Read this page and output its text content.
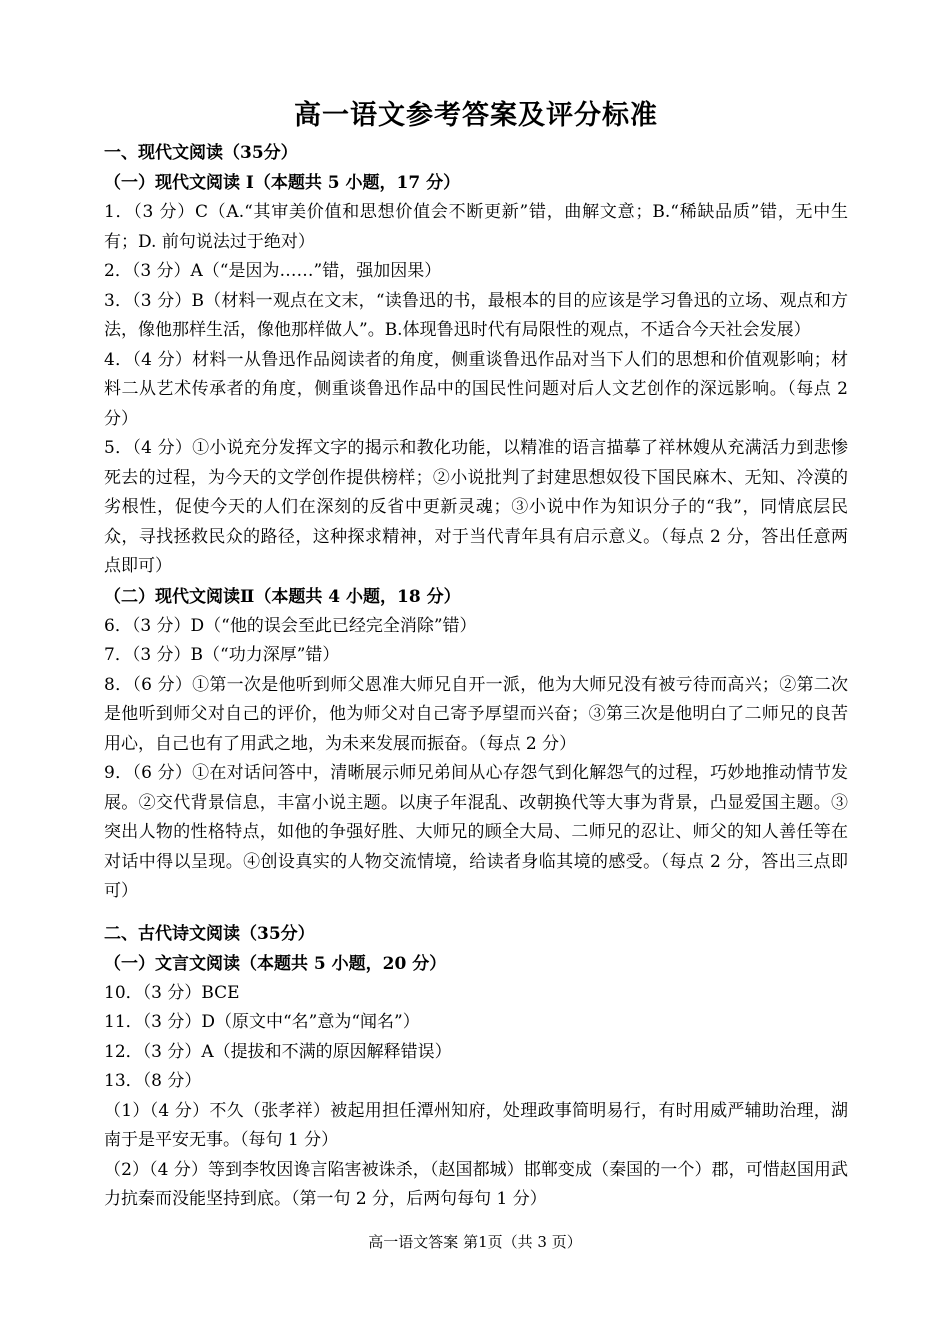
高一语文参考答案及评分标准

一、现代文阅读（35分）

（一）现代文阅读 I（本题共 5 小题，17 分）

1．（3 分）C（A.“其审美价值和思想价值会不断更新”错，曲解文意；B.“稀缺品质”错，无中生有；D. 前句说法过于绝对）

2．（3 分）A（“是因为……”错，强加因果）

3．（3 分）B（材料一观点在文末，“读鲁迅的书，最根本的目的应该是学习鲁迅的立场、观点和方法，像他那样生活，像他那样做人”。B.体现鲁迅时代有局限性的观点，不适合今天社会发展）

4．（4 分）材料一从鲁迅作品阅读者的角度，侧重谈鲁迅作品对当下人们的思想和价值观影响；材料二从艺术传承者的角度，侧重谈鲁迅作品中的国民性问题对后人文艺创作的深远影响。（每点 2 分）

5．（4 分）①小说充分发挥文字的揭示和教化功能，以精准的语言描摹了祥林嫂从充满活力到悲惨死去的过程，为今天的文学创作提供榜样；②小说批判了封建思想奴役下国民麻木、无知、冷漠的劣根性，促使今天的人们在深刻的反省中更新灵魂；③小说中作为知识分子的“我”，同情底层民众，寻找拯救民众的路径，这种探求精神，对于当代青年具有启示意义。（每点 2 分，答出任意两点即可）

（二）现代文阅读Ⅱ（本题共 4 小题，18 分）

6．（3 分）D（“他的误会至此已经完全消除”错）

7．（3 分）B（“功力深厚”错）

8．（6 分）①第一次是他听到师父恩准大师兄自开一派，他为大师兄没有被亏待而高兴；②第二次是他听到师父对自己的评价，他为师父对自己寄予厚望而兴奋；③第三次是他明白了二师兄的良苦用心，自己也有了用武之地，为未来发展而振奋。（每点 2 分）

9．（6 分）①在对话问答中，清晰展示师兄弟间从心存怨气到化解怨气的过程，巧妙地推动情节发展。②交代背景信息，丰富小说主题。以庚子年混乱、改朝换代等大事为背景，凸显爱国主题。③突出人物的性格特点，如他的争强好胜、大师兄的顾全大局、二师兄的忍让、师父的知人善任等在对话中得以呈现。④创设真实的人物交流情境，给读者身临其境的感受。（每点 2 分，答出三点即可）

二、古代诗文阅读（35分）

（一）文言文阅读（本题共 5 小题，20 分）

10．（3 分）BCE

11．（3 分）D（原文中“名”意为“闻名”）

12．（3 分）A（提拔和不满的原因解释错误）

13．（8 分）

（1）（4 分）不久（张孝祥）被起用担任潭州知府，处理政事简明易行，有时用威严辅助治理，湖南于是平安无事。（每句 1 分）

（2）（4 分）等到李牧因谗言陷害被诛杀，（赵国都城）邯郸变成（秦国的一个）郡，可惜赵国用武力抗秦而没能坚持到底。（第一句 2 分，后两句每句 1 分）

高一语文答案 第1页（共 3 页）
